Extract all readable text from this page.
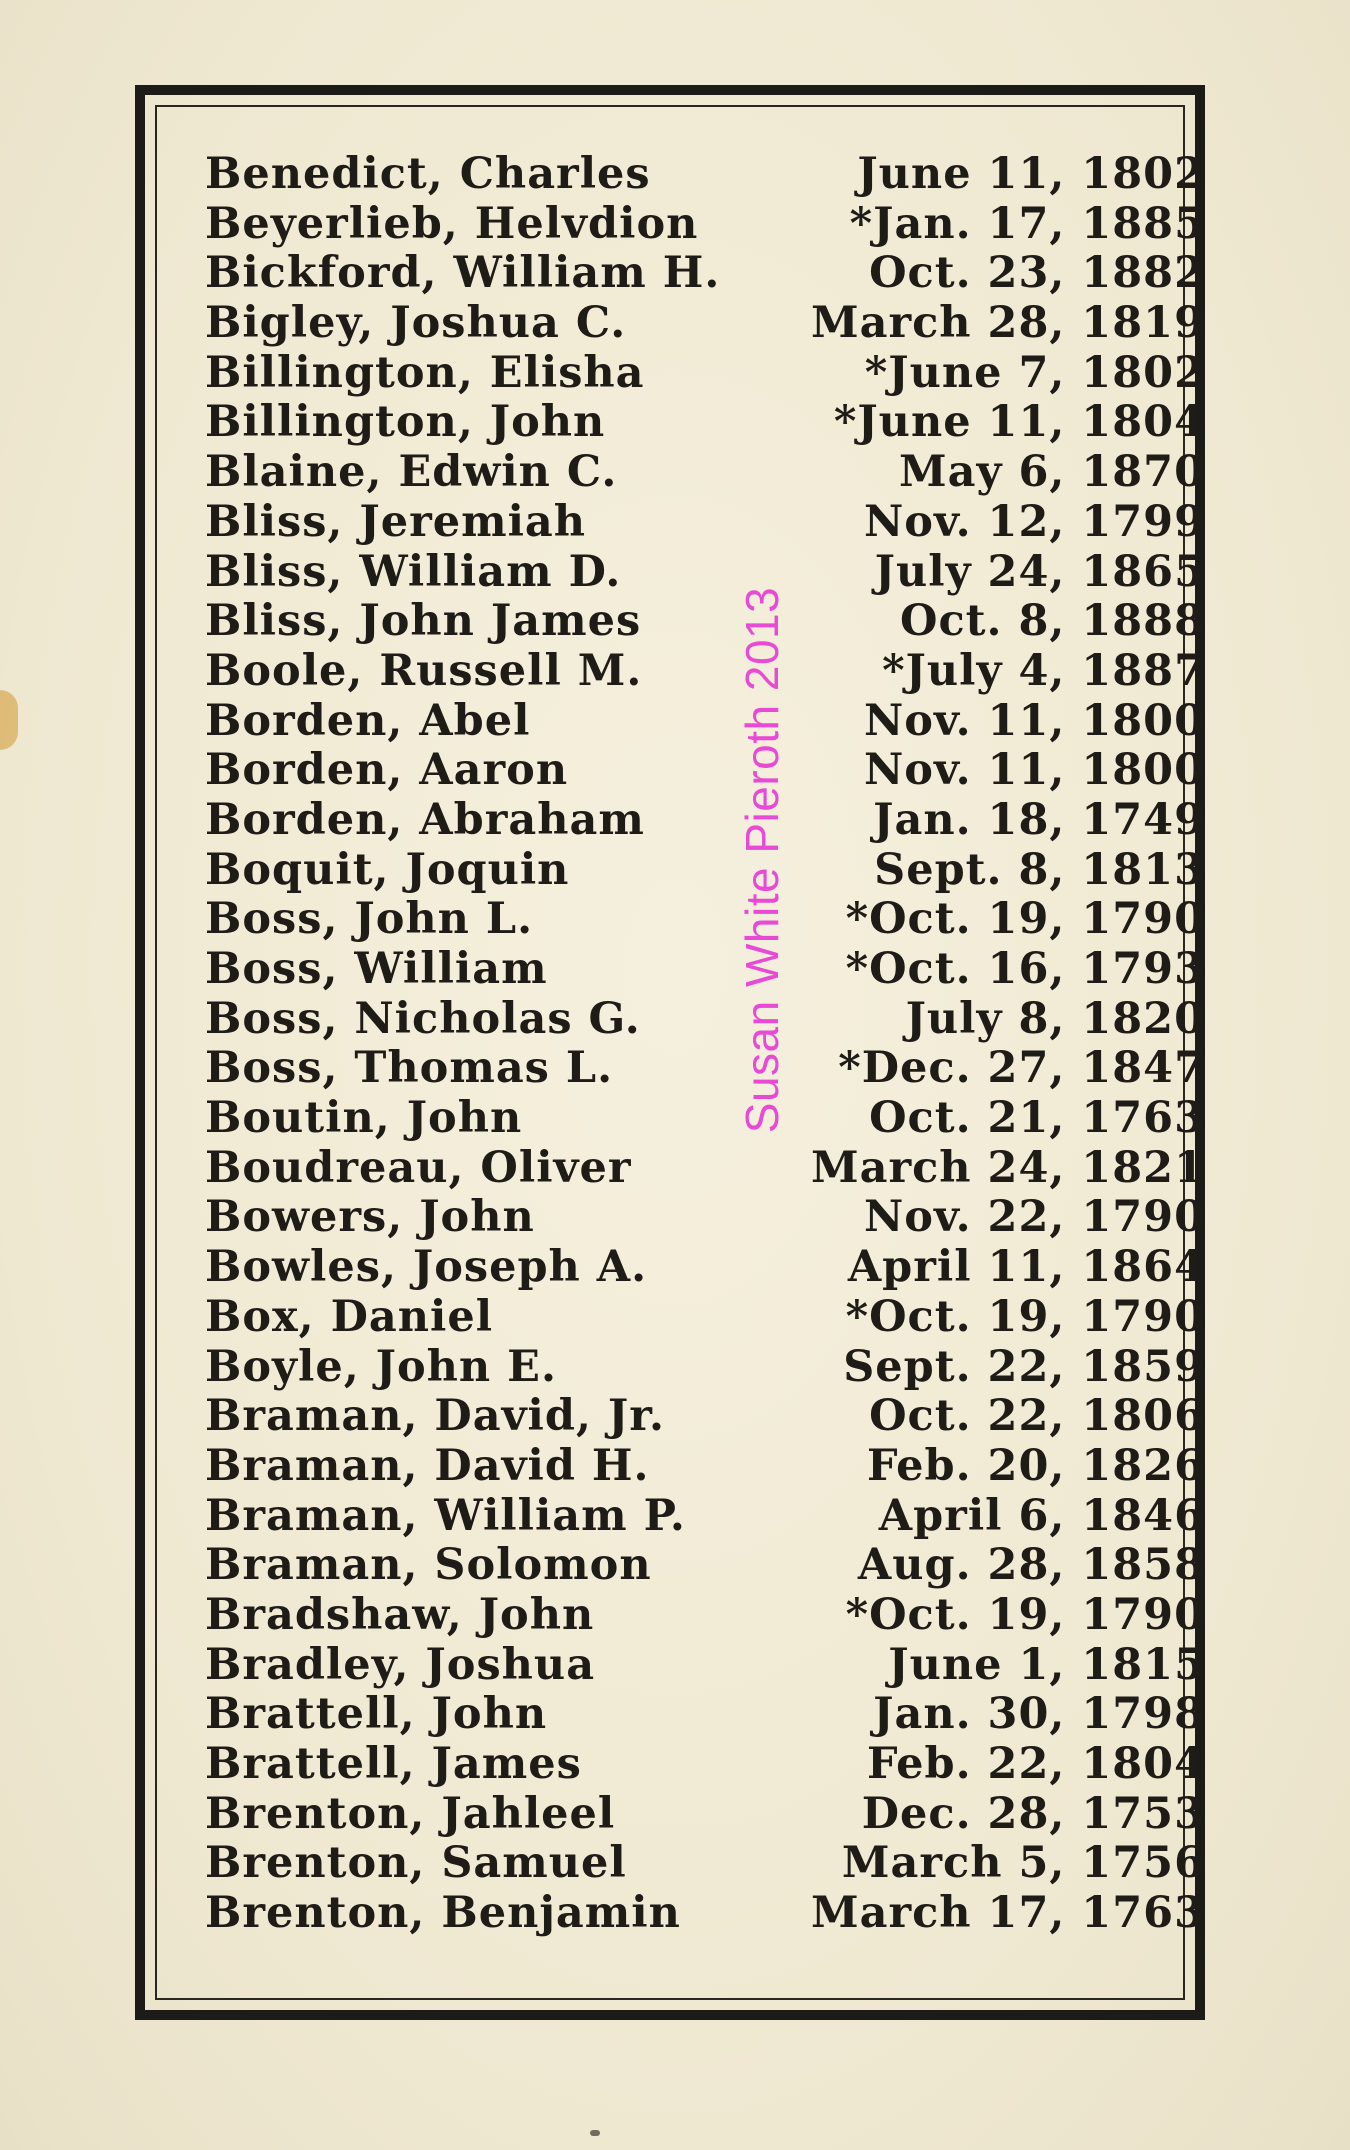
Benedict, Charles	June 11, 1802
Beyerlieb, Helvdion	*Jan. 17, 1885
Bickford, William H.	Oct. 23, 1882
Bigley, Joshua C.	March 28, 1819
Billington, Elisha	*June 7, 1802
Billington, John	*June 11, 1804
Blaine, Edwin C.	May 6, 1870
Bliss, Jeremiah	Nov. 12, 1799
Bliss, William D.	July 24, 1865
Bliss, John James	Oct. 8, 1888
Boole, Russell M.	*July 4, 1887
Borden, Abel	Nov. 11, 1800
Borden, Aaron	Nov. 11, 1800
Borden, Abraham	Jan. 18, 1749
Boquit, Joquin	Sept. 8, 1813
Boss, John L.	*Oct. 19, 1790
Boss, William	*Oct. 16, 1793
Boss, Nicholas G.	July 8, 1820
Boss, Thomas L.	*Dec. 27, 1847
Boutin, John	Oct. 21, 1763
Boudreau, Oliver	March 24, 1821
Bowers, John	Nov. 22, 1790
Bowles, Joseph A.	April 11, 1864
Box, Daniel	*Oct. 19, 1790
Boyle, John E.	Sept. 22, 1859
Braman, David, Jr.	Oct. 22, 1806
Braman, David H.	Feb. 20, 1826
Braman, William P.	April 6, 1846
Braman, Solomon	Aug. 28, 1858
Bradshaw, John	*Oct. 19, 1790
Bradley, Joshua	June 1, 1815
Brattell, John	Jan. 30, 1798
Brattell, James	Feb. 22, 1804
Brenton, Jahleel	Dec. 28, 1753
Brenton, Samuel	March 5, 1756
Brenton, Benjamin	March 17, 1763
Susan White Pieroth 2013
